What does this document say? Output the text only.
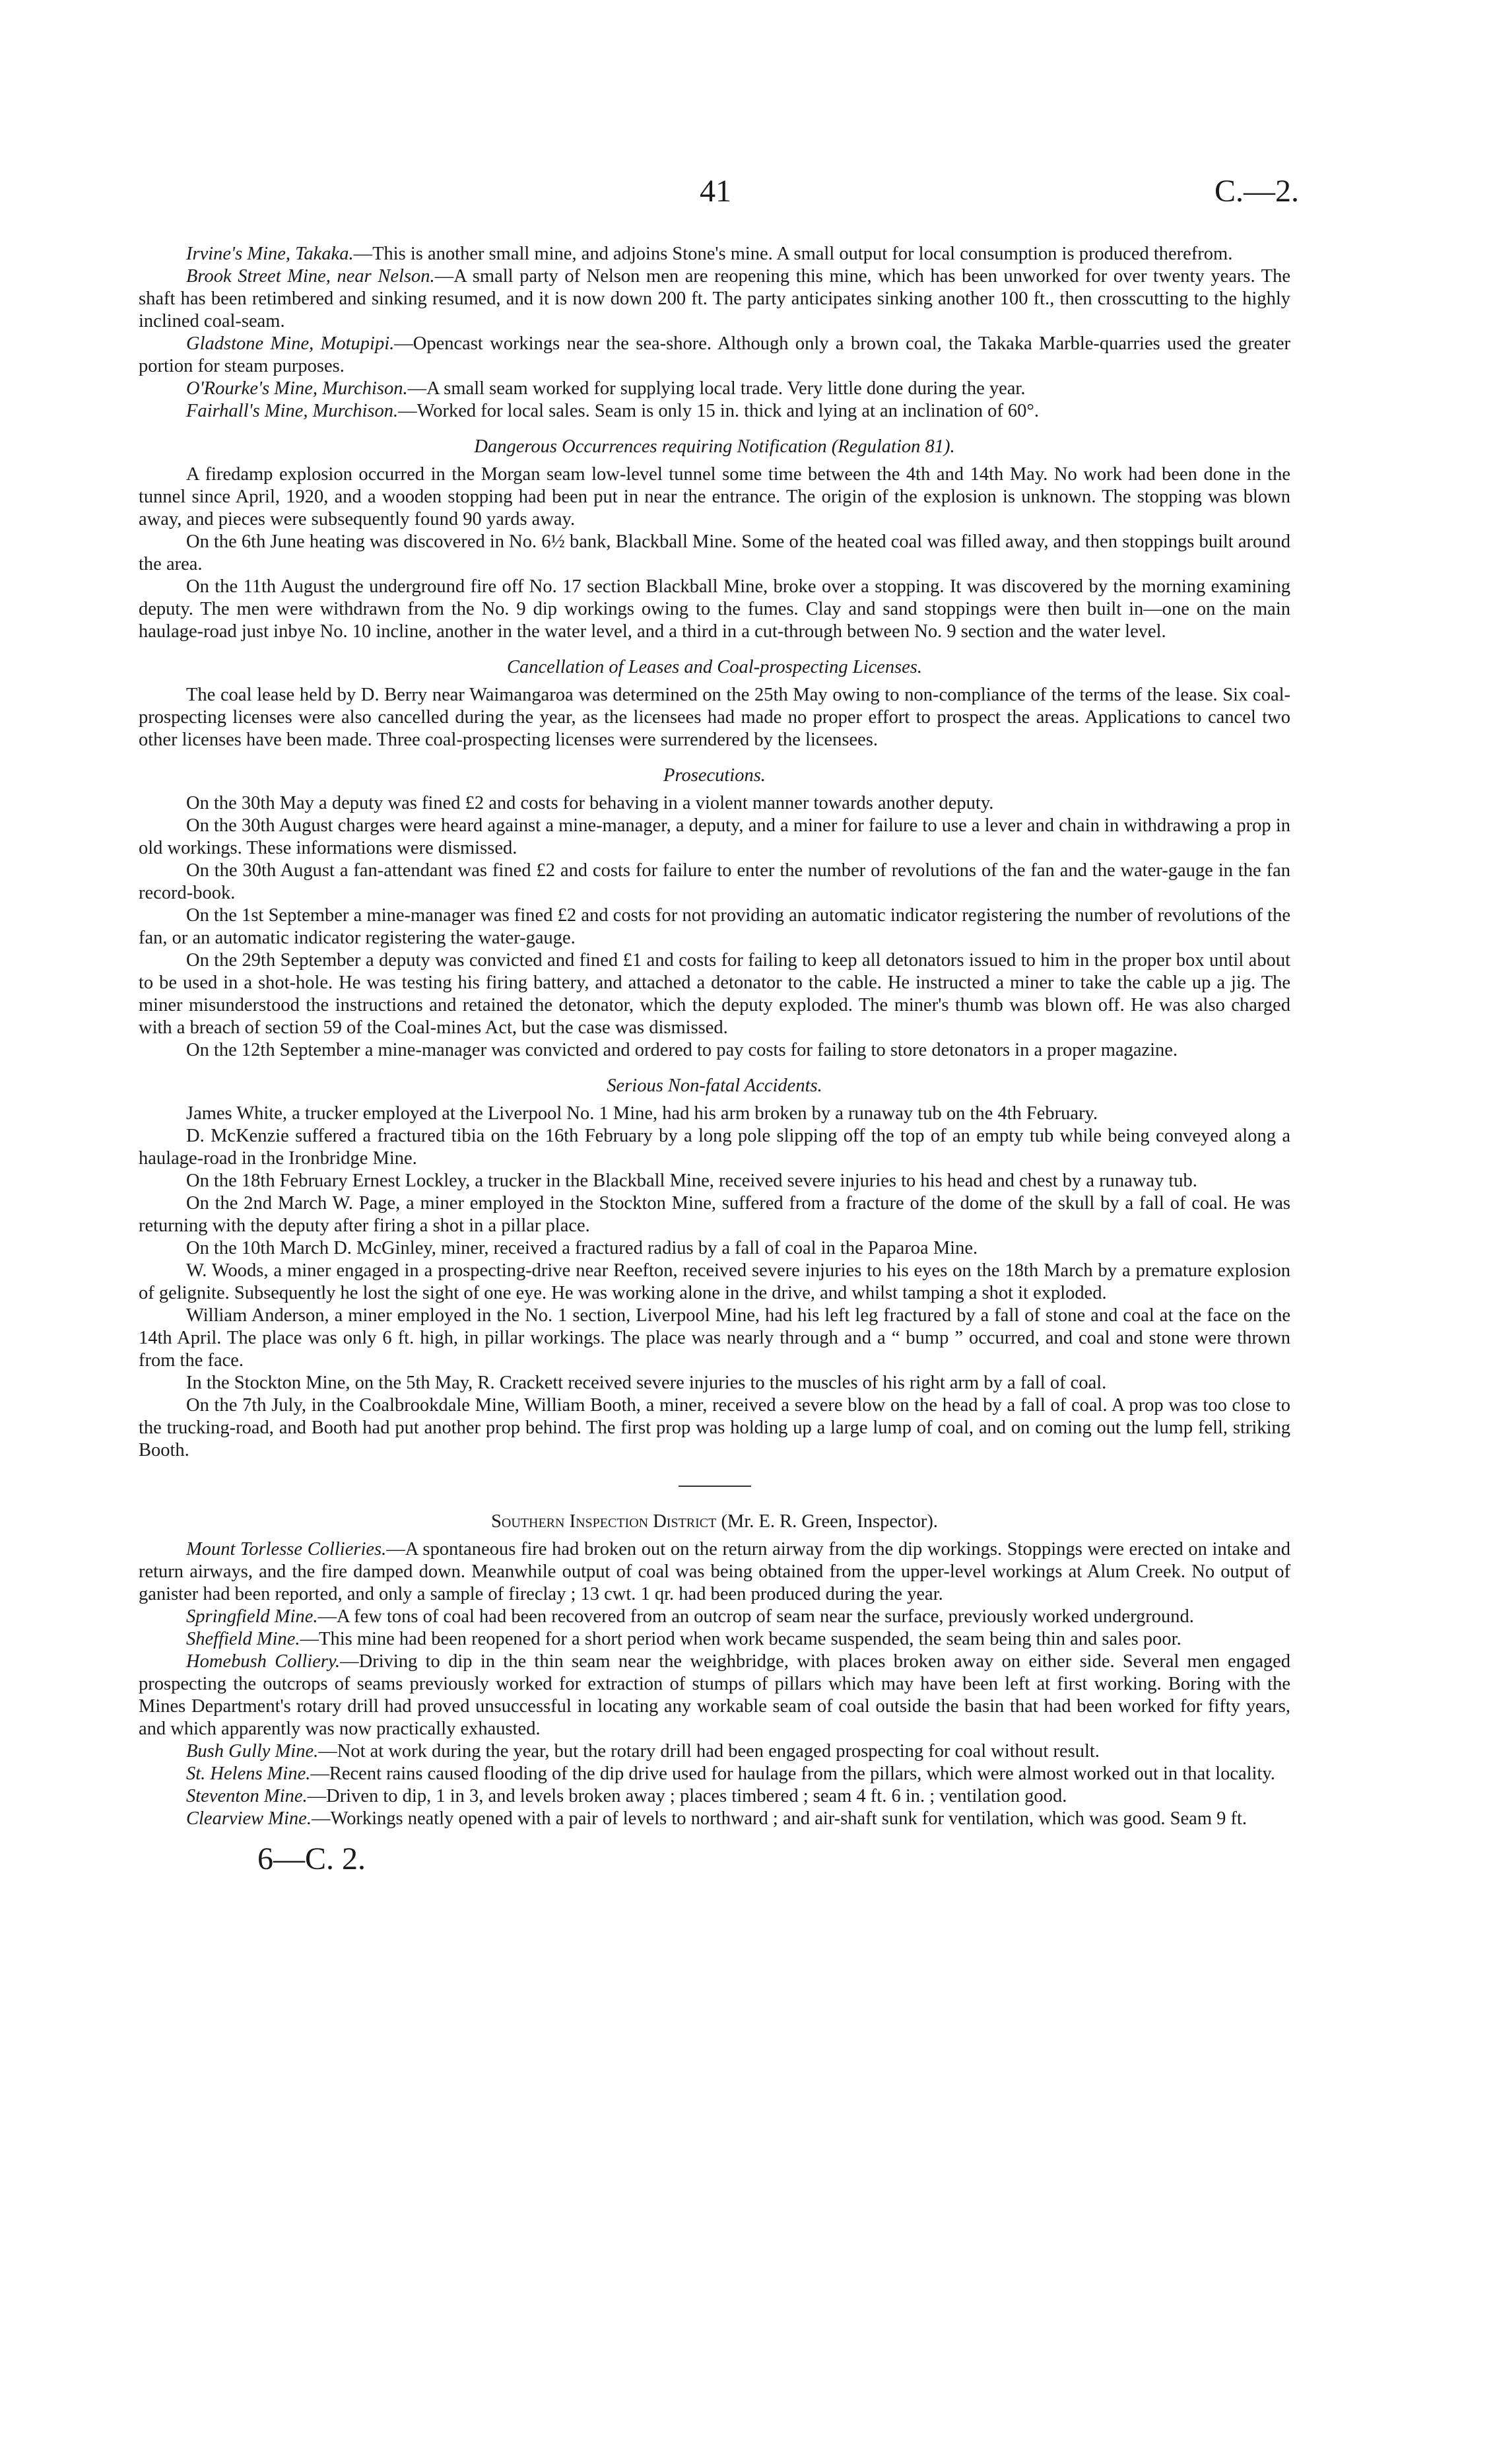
41	C.—2.

Irvine's Mine, Takaka.—This is another small mine, and adjoins Stone's mine. A small output for local consumption is produced therefrom.

Brook Street Mine, near Nelson.—A small party of Nelson men are reopening this mine, which has been unworked for over twenty years. The shaft has been retimbered and sinking resumed, and it is now down 200 ft. The party anticipates sinking another 100 ft., then crosscutting to the highly inclined coal-seam.

Gladstone Mine, Motupipi.—Opencast workings near the sea-shore. Although only a brown coal, the Takaka Marble-quarries used the greater portion for steam purposes.

O'Rourke's Mine, Murchison.—A small seam worked for supplying local trade. Very little done during the year.

Fairhall's Mine, Murchison.—Worked for local sales. Seam is only 15 in. thick and lying at an inclination of 60°.

Dangerous Occurrences requiring Notification (Regulation 81).

A firedamp explosion occurred in the Morgan seam low-level tunnel some time between the 4th and 14th May. No work had been done in the tunnel since April, 1920, and a wooden stopping had been put in near the entrance. The origin of the explosion is unknown. The stopping was blown away, and pieces were subsequently found 90 yards away.

On the 6th June heating was discovered in No. 6½ bank, Blackball Mine. Some of the heated coal was filled away, and then stoppings built around the area.

On the 11th August the underground fire off No. 17 section Blackball Mine, broke over a stopping. It was discovered by the morning examining deputy. The men were withdrawn from the No. 9 dip workings owing to the fumes. Clay and sand stoppings were then built in—one on the main haulage-road just inbye No. 10 incline, another in the water level, and a third in a cut-through between No. 9 section and the water level.

Cancellation of Leases and Coal-prospecting Licenses.

The coal lease held by D. Berry near Waimangaroa was determined on the 25th May owing to non-compliance of the terms of the lease. Six coal-prospecting licenses were also cancelled during the year, as the licensees had made no proper effort to prospect the areas. Applications to cancel two other licenses have been made. Three coal-prospecting licenses were surrendered by the licensees.

Prosecutions.

On the 30th May a deputy was fined £2 and costs for behaving in a violent manner towards another deputy.

On the 30th August charges were heard against a mine-manager, a deputy, and a miner for failure to use a lever and chain in withdrawing a prop in old workings. These informations were dismissed.

On the 30th August a fan-attendant was fined £2 and costs for failure to enter the number of revolutions of the fan and the water-gauge in the fan record-book.

On the 1st September a mine-manager was fined £2 and costs for not providing an automatic indicator registering the number of revolutions of the fan, or an automatic indicator registering the water-gauge.

On the 29th September a deputy was convicted and fined £1 and costs for failing to keep all detonators issued to him in the proper box until about to be used in a shot-hole. He was testing his firing battery, and attached a detonator to the cable. He instructed a miner to take the cable up a jig. The miner misunderstood the instructions and retained the detonator, which the deputy exploded. The miner's thumb was blown off. He was also charged with a breach of section 59 of the Coal-mines Act, but the case was dismissed.

On the 12th September a mine-manager was convicted and ordered to pay costs for failing to store detonators in a proper magazine.

Serious Non-fatal Accidents.

James White, a trucker employed at the Liverpool No. 1 Mine, had his arm broken by a runaway tub on the 4th February.

D. McKenzie suffered a fractured tibia on the 16th February by a long pole slipping off the top of an empty tub while being conveyed along a haulage-road in the Ironbridge Mine.

On the 18th February Ernest Lockley, a trucker in the Blackball Mine, received severe injuries to his head and chest by a runaway tub.

On the 2nd March W. Page, a miner employed in the Stockton Mine, suffered from a fracture of the dome of the skull by a fall of coal. He was returning with the deputy after firing a shot in a pillar place.

On the 10th March D. McGinley, miner, received a fractured radius by a fall of coal in the Paparoa Mine.

W. Woods, a miner engaged in a prospecting-drive near Reefton, received severe injuries to his eyes on the 18th March by a premature explosion of gelignite. Subsequently he lost the sight of one eye. He was working alone in the drive, and whilst tamping a shot it exploded.

William Anderson, a miner employed in the No. 1 section, Liverpool Mine, had his left leg fractured by a fall of stone and coal at the face on the 14th April. The place was only 6 ft. high, in pillar workings. The place was nearly through and a “ bump ” occurred, and coal and stone were thrown from the face.

In the Stockton Mine, on the 5th May, R. Crackett received severe injuries to the muscles of his right arm by a fall of coal.

On the 7th July, in the Coalbrookdale Mine, William Booth, a miner, received a severe blow on the head by a fall of coal. A prop was too close to the trucking-road, and Booth had put another prop behind. The first prop was holding up a large lump of coal, and on coming out the lump fell, striking Booth.

Southern Inspection District (Mr. E. R. Green, Inspector).

Mount Torlesse Collieries.—A spontaneous fire had broken out on the return airway from the dip workings. Stoppings were erected on intake and return airways, and the fire damped down. Meanwhile output of coal was being obtained from the upper-level workings at Alum Creek. No output of ganister had been reported, and only a sample of fireclay ; 13 cwt. 1 qr. had been produced during the year.

Springfield Mine.—A few tons of coal had been recovered from an outcrop of seam near the surface, previously worked underground.

Sheffield Mine.—This mine had been reopened for a short period when work became suspended, the seam being thin and sales poor.

Homebush Colliery.—Driving to dip in the thin seam near the weighbridge, with places broken away on either side. Several men engaged prospecting the outcrops of seams previously worked for extraction of stumps of pillars which may have been left at first working. Boring with the Mines Department's rotary drill had proved unsuccessful in locating any workable seam of coal outside the basin that had been worked for fifty years, and which apparently was now practically exhausted.

Bush Gully Mine.—Not at work during the year, but the rotary drill had been engaged prospecting for coal without result.

St. Helens Mine.—Recent rains caused flooding of the dip drive used for haulage from the pillars, which were almost worked out in that locality.

Steventon Mine.—Driven to dip, 1 in 3, and levels broken away ; places timbered ; seam 4 ft. 6 in. ; ventilation good.

Clearview Mine.—Workings neatly opened with a pair of levels to northward ; and air-shaft sunk for ventilation, which was good. Seam 9 ft.

6—C. 2.
